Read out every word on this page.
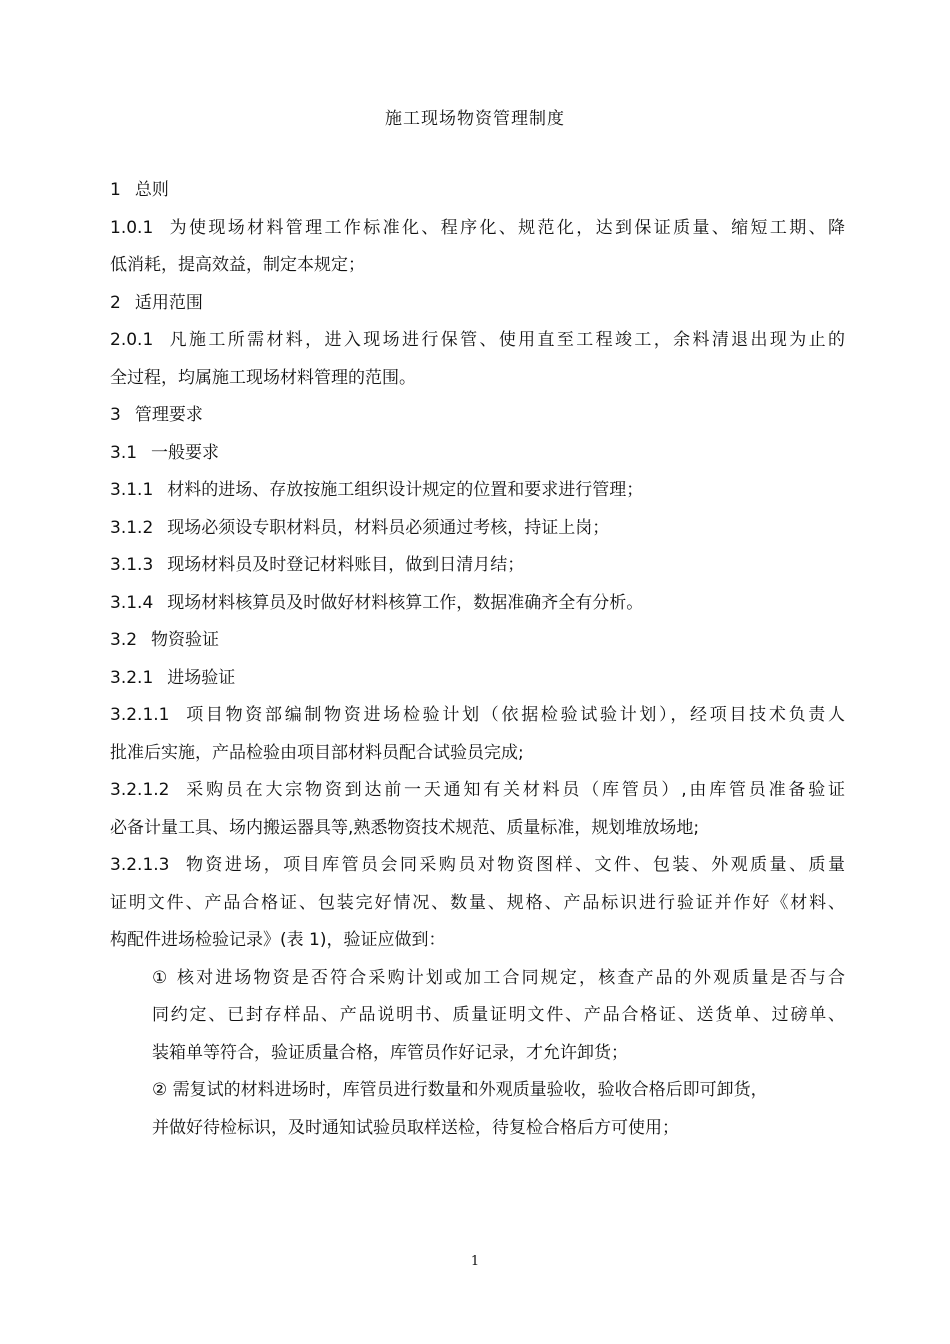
施工现场物资管理制度
1 总则
1.0.1 为使现场材料管理工作标准化、程序化、规范化，达到保证质量、缩短工期、降
低消耗，提高效益，制定本规定；
2 适用范围
2.0.1 凡施工所需材料，进入现场进行保管、使用直至工程竣工，余料清退出现为止的
全过程，均属施工现场材料管理的范围。
3 管理要求
3.1 一般要求
3.1.1 材料的进场、存放按施工组织设计规定的位置和要求进行管理；
3.1.2 现场必须设专职材料员，材料员必须通过考核，持证上岗；
3.1.3 现场材料员及时登记材料账目，做到日清月结；
3.1.4 现场材料核算员及时做好材料核算工作，数据准确齐全有分析。
3.2 物资验证
3.2.1 进场验证
3.2.1.1 项目物资部编制物资进场检验计划（依据检验试验计划），经项目技术负责人
批准后实施，产品检验由项目部材料员配合试验员完成;
3.2.1.2 采购员在大宗物资到达前一天通知有关材料员（库管员）,由库管员准备验证
必备计量工具、场内搬运器具等,熟悉物资技术规范、质量标准，规划堆放场地;
3.2.1.3 物资进场，项目库管员会同采购员对物资图样、文件、包装、外观质量、质量
证明文件、产品合格证、包装完好情况、数量、规格、产品标识进行验证并作好《材料、
构配件进场检验记录》(表 1)，验证应做到：
① 核对进场物资是否符合采购计划或加工合同规定，核查产品的外观质量是否与合
同约定、已封存样品、产品说明书、质量证明文件、产品合格证、送货单、过磅单、
装箱单等符合，验证质量合格，库管员作好记录，才允许卸货；
② 需复试的材料进场时，库管员进行数量和外观质量验收，验收合格后即可卸货，
并做好待检标识，及时通知试验员取样送检，待复检合格后方可使用；
1
